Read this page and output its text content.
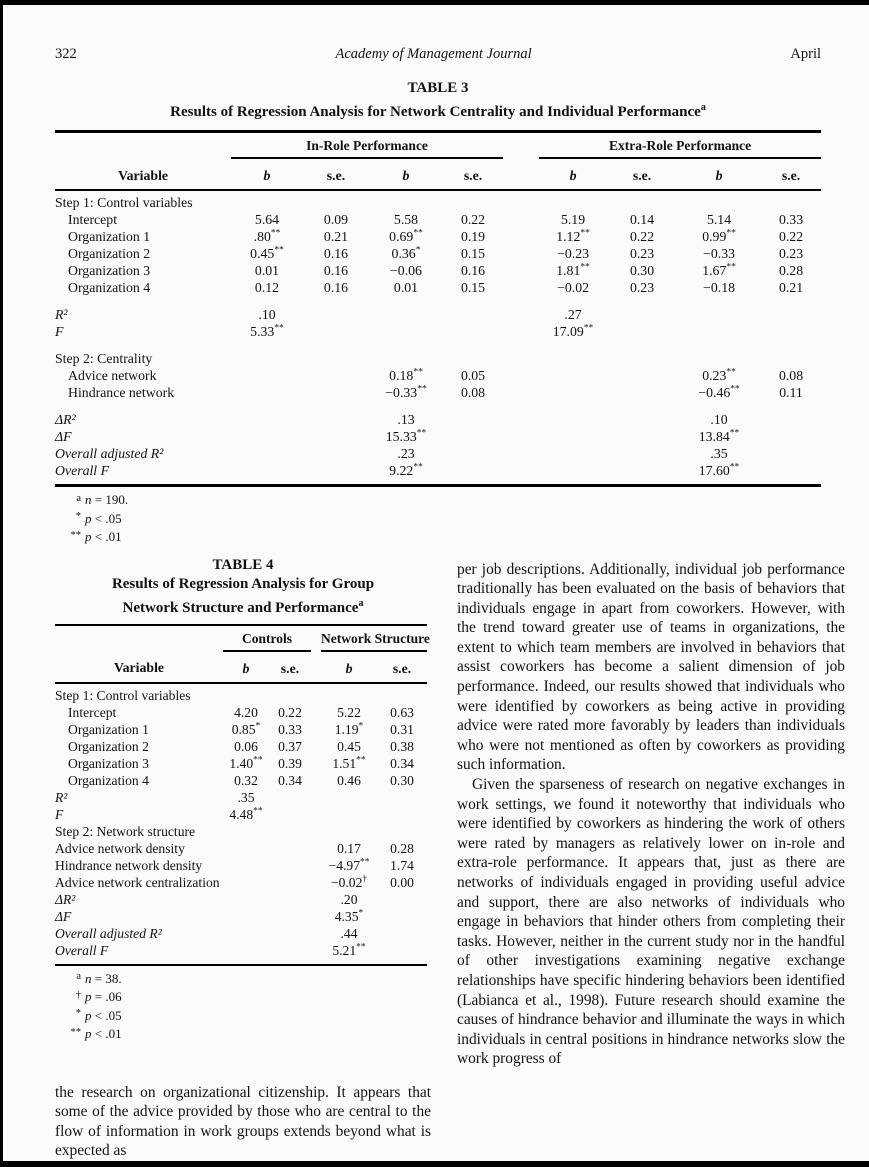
322	Academy of Management Journal	April
TABLE 3
Results of Regression Analysis for Network Centrality and Individual Performance$^a$
	In-Role Performance					Extra-Role Performance			
Variable	b	s.e.	b	s.e.		b	s.e.	b	s.e.
Step 1: Control variables									
Intercept	5.64	0.09	5.58	0.22		5.19	0.14	5.14	0.33
Organization 1	.80**	0.21	0.69**	0.19		1.12**	0.22	0.99**	0.22
Organization 2	0.45**	0.16	0.36*	0.15		−0.23	0.23	−0.33	0.23
Organization 3	0.01	0.16	−0.06	0.16		1.81**	0.30	1.67**	0.28
Organization 4	0.12	0.16	0.01	0.15		−0.02	0.23	−0.18	0.21

R²	.10					.27			
F	5.33**					17.09**			

Step 2: Centrality									
Advice network			0.18**	0.05				0.23**	0.08
Hindrance network			−0.33**	0.08				−0.46**	0.11

ΔR²			.13					.10	
ΔF			15.33**					13.84**	
Overall adjusted R²			.23					.35	
Overall F			9.22**					17.60**	
a n = 190.
* p < .05
** p < .01
TABLE 4
Results of Regression Analysis for Group
Network Structure and Performance$^a$
	Controls			Network Structure	
Variable	b	s.e.		b	s.e.
Step 1: Control variables					
Intercept	4.20	0.22		5.22	0.63
Organization 1	0.85*	0.33		1.19*	0.31
Organization 2	0.06	0.37		0.45	0.38
Organization 3	1.40**	0.39		1.51**	0.34
Organization 4	0.32	0.34		0.46	0.30
R²	.35				
F	4.48**				
Step 2: Network structure					
Advice network density				0.17	0.28
Hindrance network density				−4.97**	1.74
Advice network centralization				−0.02†	0.00
ΔR²				.20	
ΔF				4.35*	
Overall adjusted R²				.44	
Overall F				5.21**	
a n = 38.
† p = .06
* p < .05
** p < .01

the research on organizational citizenship. It appears that some of the advice provided by those who are central to the flow of information in work groups extends beyond what is expected as

per job descriptions. Additionally, individual job performance traditionally has been evaluated on the basis of behaviors that individuals engage in apart from coworkers. However, with the trend toward greater use of teams in organizations, the extent to which team members are involved in behaviors that assist coworkers has become a salient dimension of job performance. Indeed, our results showed that individuals who were identified by coworkers as being active in providing advice were rated more favorably by leaders than individuals who were not mentioned as often by coworkers as providing such information.

Given the sparseness of research on negative exchanges in work settings, we found it noteworthy that individuals who were identified by coworkers as hindering the work of others were rated by managers as relatively lower on in-role and extra-role performance. It appears that, just as there are networks of individuals engaged in providing useful advice and support, there are also networks of individuals who engage in behaviors that hinder others from completing their tasks. However, neither in the current study nor in the handful of other investigations examining negative exchange relationships have specific hindering behaviors been identified (Labianca et al., 1998). Future research should examine the causes of hindrance behavior and illuminate the ways in which individuals in central positions in hindrance networks slow the work progress of
